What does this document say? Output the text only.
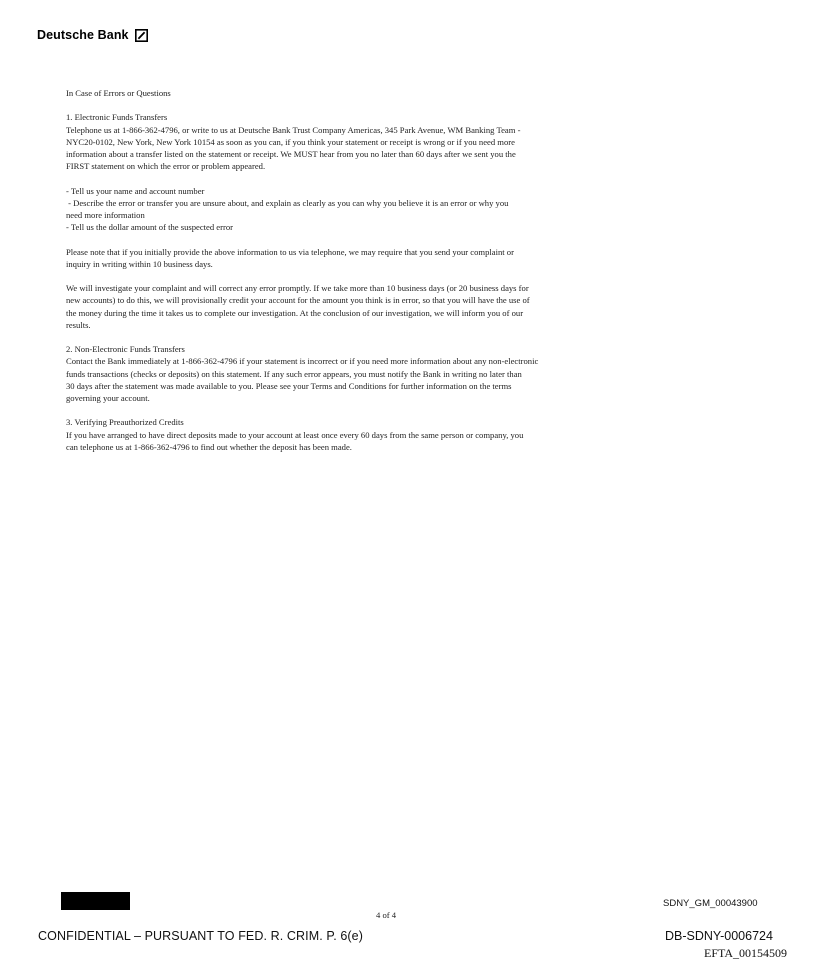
Deutsche Bank

In Case of Errors or Questions

1. Electronic Funds Transfers
Telephone us at 1-866-362-4796, or write to us at Deutsche Bank Trust Company Americas, 345 Park Avenue, WM Banking Team -
NYC20-0102, New York, New York 10154 as soon as you can, if you think your statement or receipt is wrong or if you need more
information about a transfer listed on the statement or receipt. We MUST hear from you no later than 60 days after we sent you the
FIRST statement on which the error or problem appeared.

- Tell us your name and account number
- Describe the error or transfer you are unsure about, and explain as clearly as you can why you believe it is an error or why you
need more information
- Tell us the dollar amount of the suspected error

Please note that if you initially provide the above information to us via telephone, we may require that you send your complaint or
inquiry in writing within 10 business days.

We will investigate your complaint and will correct any error promptly. If we take more than 10 business days (or 20 business days for
new accounts) to do this, we will provisionally credit your account for the amount you think is in error, so that you will have the use of
the money during the time it takes us to complete our investigation. At the conclusion of our investigation, we will inform you of our
results.

2. Non-Electronic Funds Transfers
Contact the Bank immediately at 1-866-362-4796 if your statement is incorrect or if you need more information about any non-electronic
funds transactions (checks or deposits) on this statement. If any such error appears, you must notify the Bank in writing no later than
30 days after the statement was made available to you. Please see your Terms and Conditions for further information on the terms
governing your account.

3. Verifying Preauthorized Credits
If you have arranged to have direct deposits made to your account at least once every 60 days from the same person or company, you
can telephone us at 1-866-362-4796 to find out whether the deposit has been made.

4 of 4
SDNY_GM_00043900
CONFIDENTIAL – PURSUANT TO FED. R. CRIM. P. 6(e)	DB-SDNY-0006724
EFTA_00154509
